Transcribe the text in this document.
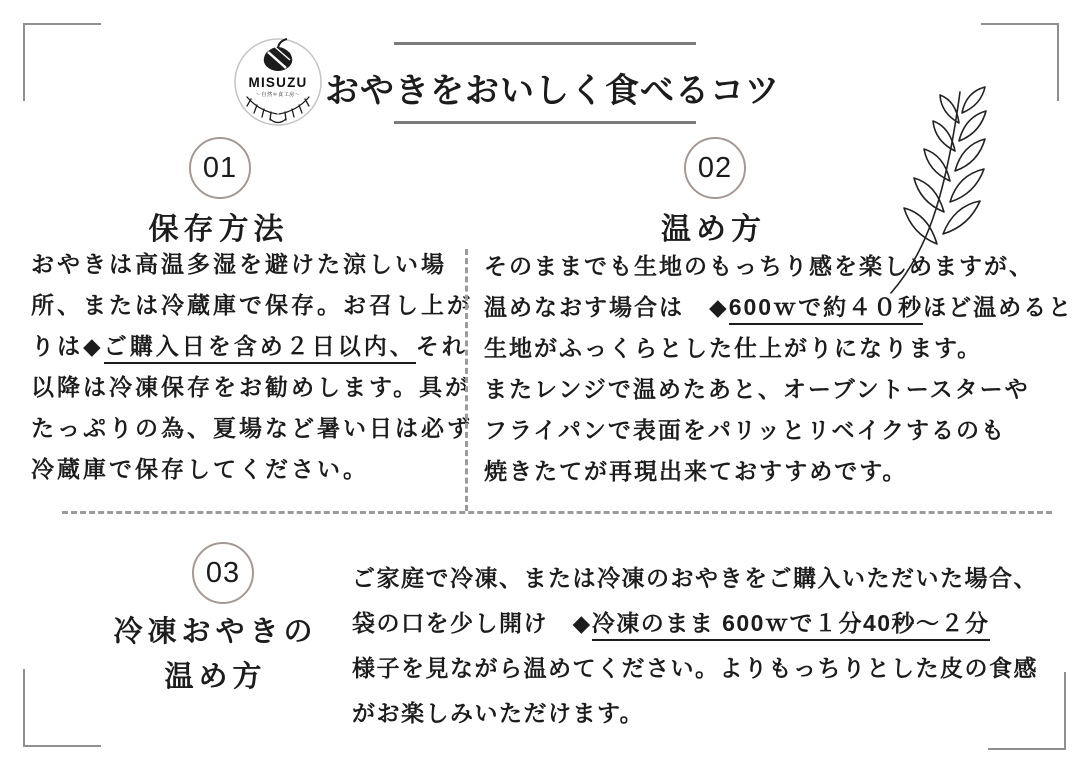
MISUZU
〜自然＊食工房〜 おやきをおいしく食べるコツ
01
保存方法
おやきは高温多湿を避けた涼しい場
所、または冷蔵庫で保存。お召し上が
りは◆ご購入日を含め２日以内、それ
以降は冷凍保存をお勧めします。具が
たっぷりの為、夏場など暑い日は必ず
冷蔵庫で保存してください。
02
温め方
そのままでも生地のもっちり感を楽しめますが、
温めなおす場合は　◆600ｗで約４０秒ほど温めると
生地がふっくらとした仕上がりになります。
またレンジで温めたあと、オーブントースターや
フライパンで表面をパリッとリベイクするのも
焼きたてが再現出来ておすすめです。
03
冷凍おやきの
温め方
ご家庭で冷凍、または冷凍のおやきをご購入いただいた場合、
袋の口を少し開け　◆冷凍のまま 600ｗで１分40秒～２分
様子を見ながら温めてください。よりもっちりとした皮の食感
がお楽しみいただけます。
